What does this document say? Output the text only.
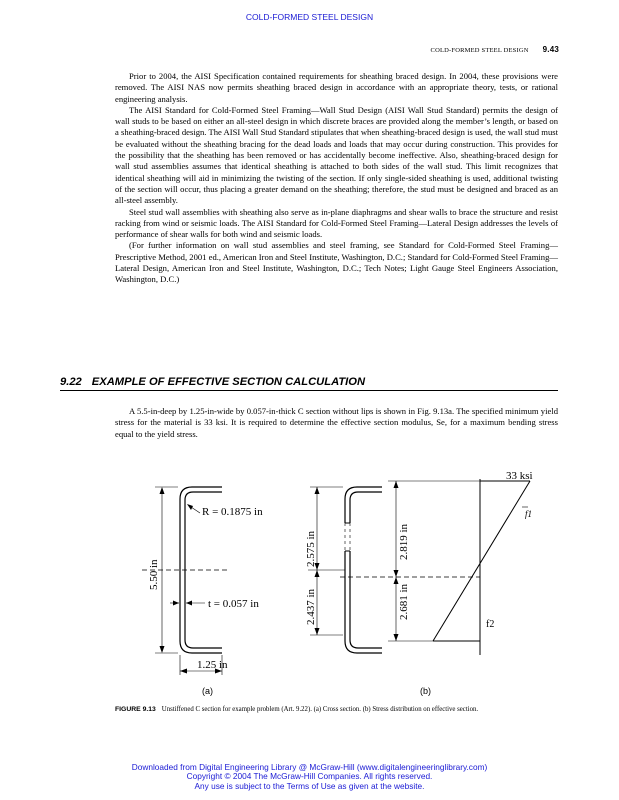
COLD-FORMED STEEL DESIGN
COLD-FORMED STEEL DESIGN 9.43

Prior to 2004, the AISI Specification contained requirements for sheathing braced design. In 2004, these provisions were removed. The AISI NAS now permits sheathing braced design in accordance with an appropriate theory, tests, or rational engineering analysis.

The AISI Standard for Cold-Formed Steel Framing—Wall Stud Design (AISI Wall Stud Standard) permits the design of wall studs to be based on either an all-steel design in which discrete braces are provided along the member’s length, or based on a sheathing-braced design. The AISI Wall Stud Standard stipulates that when sheathing-braced design is used, the wall stud must be evaluated without the sheathing bracing for the dead loads and loads that may occur during construction. This provides for the possibility that the sheathing has been removed or has accidentally become ineffective. Also, sheathing-braced design for wall stud assemblies assumes that identical sheathing is attached to both sides of the wall stud. This limit recognizes that identical sheathing will aid in minimizing the twisting of the section. If only single-sided sheathing is used, additional twisting of the section will occur, thus placing a greater demand on the sheathing; therefore, the stud must be designed and braced as an all-steel assembly.

Steel stud wall assemblies with sheathing also serve as in-plane diaphragms and shear walls to brace the structure and resist racking from wind or seismic loads. The AISI Standard for Cold-Formed Steel Framing—Lateral Design addresses the levels of performance of shear walls for both wind and seismic loads.

(For further information on wall stud assemblies and steel framing, see Standard for Cold-Formed Steel Framing—Prescriptive Method, 2001 ed., American Iron and Steel Institute, Washington, D.C.; Standard for Cold-Formed Steel Framing—Lateral Design, American Iron and Steel Institute, Washington, D.C.; Tech Notes; Light Gauge Steel Engineers Association, Washington, D.C.)

9.22 EXAMPLE OF EFFECTIVE SECTION CALCULATION

A 5.5-in-deep by 1.25-in-wide by 0.057-in-thick C section without lips is shown in Fig. 9.13a. The specified minimum yield stress for the material is 33 ksi. It is required to determine the effective section modulus, Se, for a maximum bending stress equal to the yield stress.

R = 0.1875 in
5.50 in
t = 0.057 in
1.25 in
(a)
2.575 in
2.437 in
2.819 in
2.681 in
33 ksi
f1
f2
(b)
FIGURE 9.13 Unstiffened C section for example problem (Art. 9.22). (a) Cross section. (b) Stress distribution on effective section.
Downloaded from Digital Engineering Library @ McGraw-Hill (www.digitalengineeringlibrary.com)
Copyright © 2004 The McGraw-Hill Companies. All rights reserved.
Any use is subject to the Terms of Use as given at the website.
